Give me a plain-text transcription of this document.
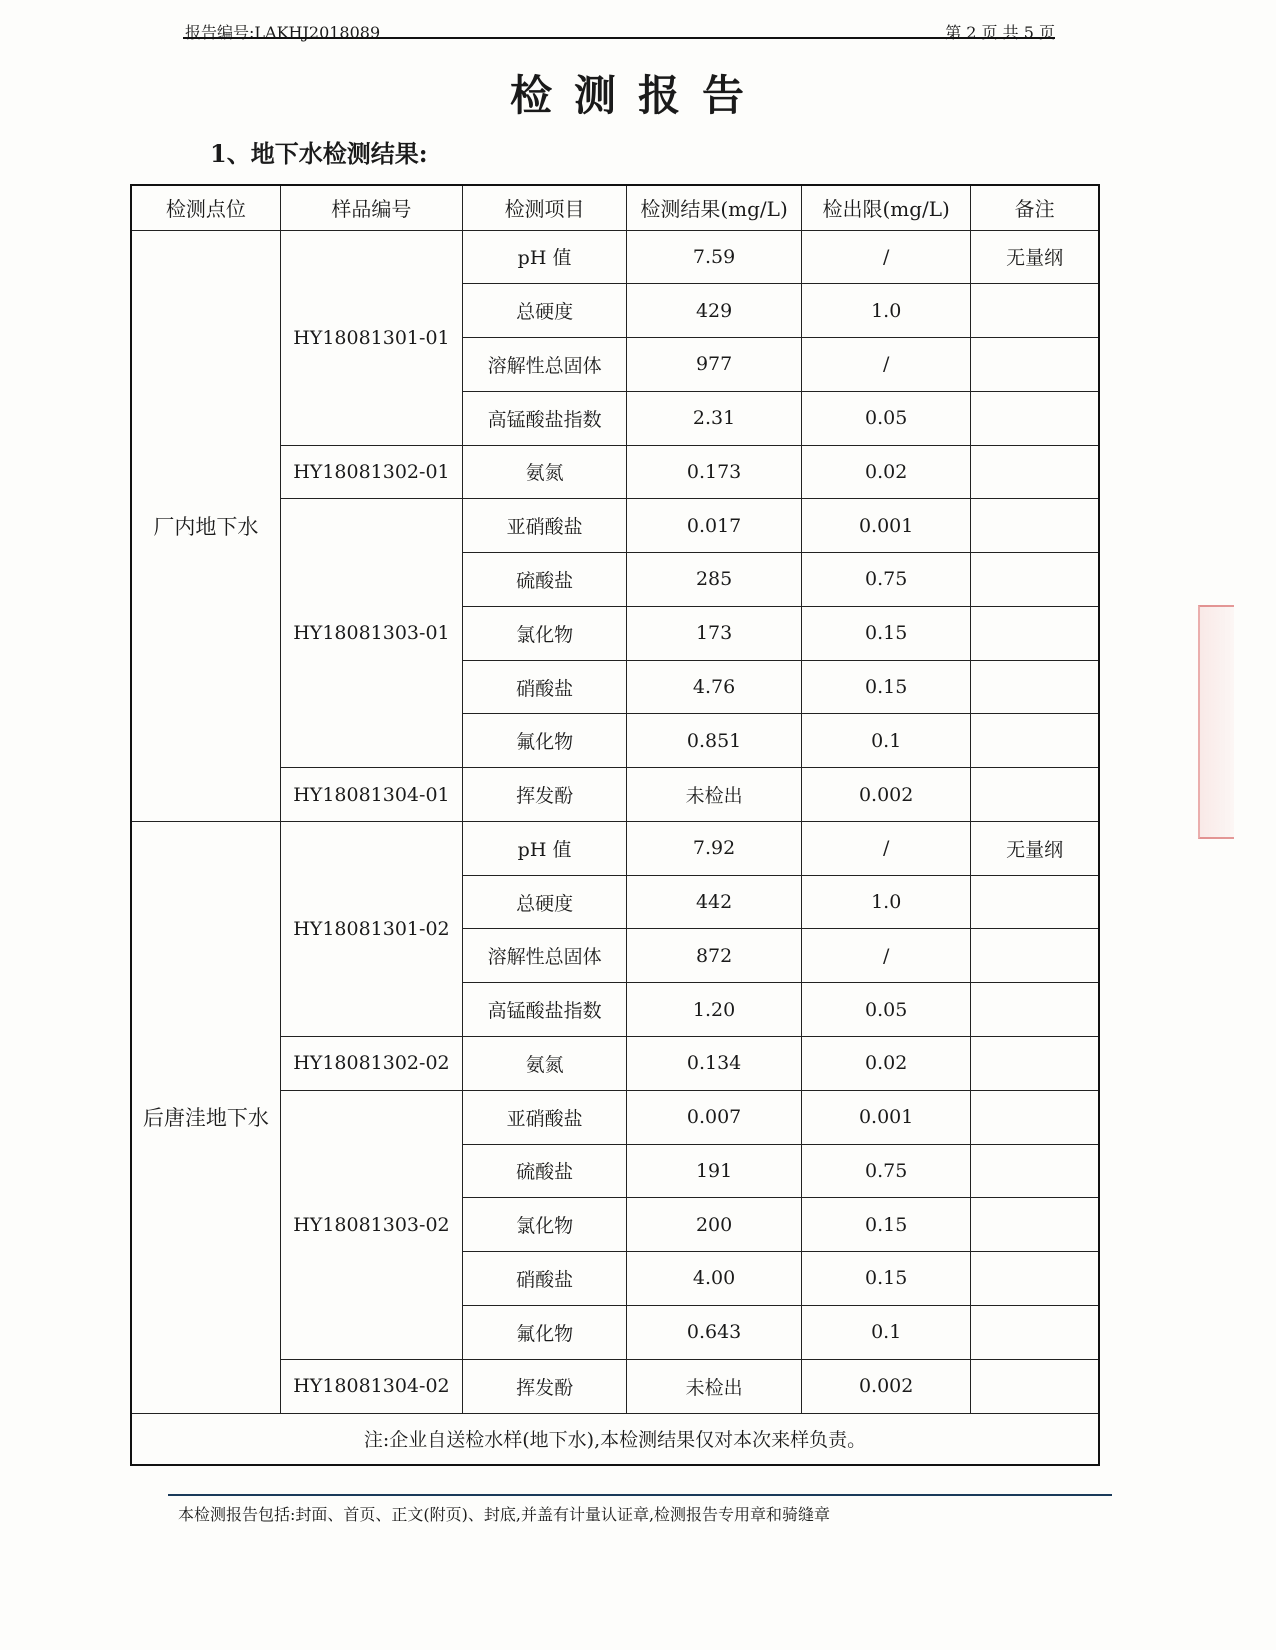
报告编号:LAKHJ2018089	第 2 页 共 5 页
检测报告
1、地下水检测结果:
检测点位	样品编号	检测项目	检测结果(mg/L)	检出限(mg/L)	备注
厂内地下水	HY18081301-01	pH 值	7.59	/	无量纲
		总硬度	429	1.0	
		溶解性总固体	977	/	
		高锰酸盐指数	2.31	0.05	
	HY18081302-01	氨氮	0.173	0.02	
	HY18081303-01	亚硝酸盐	0.017	0.001	
		硫酸盐	285	0.75	
		氯化物	173	0.15	
		硝酸盐	4.76	0.15	
		氟化物	0.851	0.1	
	HY18081304-01	挥发酚	未检出	0.002	
后唐洼地下水	HY18081301-02	pH 值	7.92	/	无量纲
		总硬度	442	1.0	
		溶解性总固体	872	/	
		高锰酸盐指数	1.20	0.05	
	HY18081302-02	氨氮	0.134	0.02	
	HY18081303-02	亚硝酸盐	0.007	0.001	
		硫酸盐	191	0.75	
		氯化物	200	0.15	
		硝酸盐	4.00	0.15	
		氟化物	0.643	0.1	
	HY18081304-02	挥发酚	未检出	0.002	
注:企业自送检水样(地下水),本检测结果仅对本次来样负责。					
本检测报告包括:封面、首页、正文(附页)、封底,并盖有计量认证章,检测报告专用章和骑缝章
